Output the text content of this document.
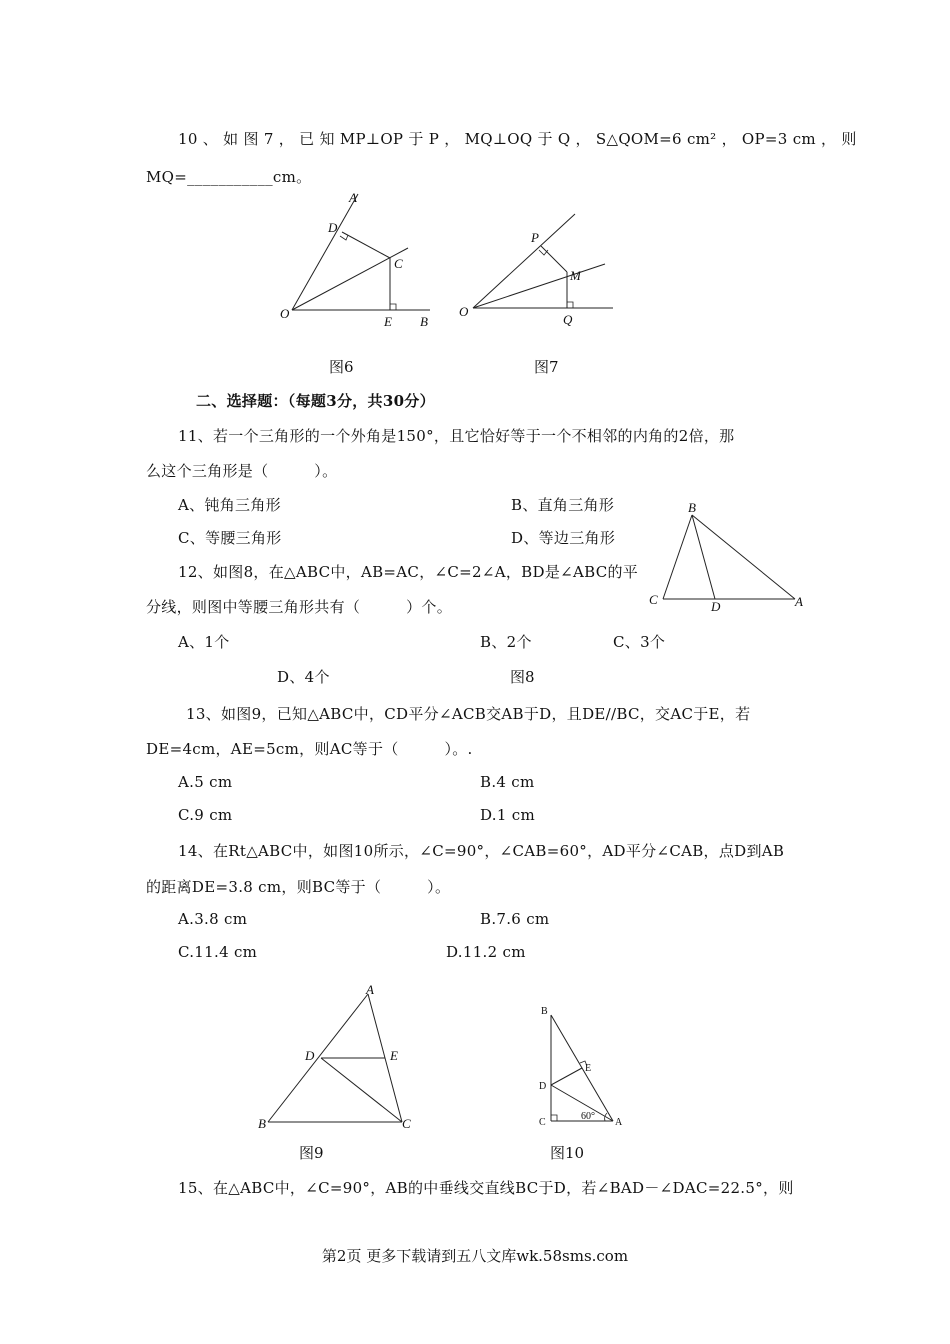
10 、 如 图 7 ， 已 知 MP⊥OP 于 P ， MQ⊥OQ 于 Q ， S△QOM=6 cm² ， OP=3 cm ， 则
MQ=___________cm。
A
D
C
O
E B
P
M
O
Q
图6	图7
二、选择题：（每题3分，共30分）
11、若一个三角形的一个外角是150°，且它恰好等于一个不相邻的内角的2倍，那
么这个三角形是（　　　）。
A、钝角三角形	B、直角三角形
C、等腰三角形	D、等边三角形
B
C	D	A
12、如图8，在△ABC中，AB=AC，∠C=2∠A，BD是∠ABC的平
分线，则图中等腰三角形共有（　　　）个。
A、1个	B、2个	C、3个
D、4个	图8
13、如图9，已知△ABC中，CD平分∠ACB交AB于D，且DE//BC，交AC于E，若
DE=4cm，AE=5cm，则AC等于（　　　）。.
A.5 cm	B.4 cm
C.9 cm	D.1 cm
14、在Rt△ABC中，如图10所示，∠C=90°，∠CAB=60°，AD平分∠CAB，点D到AB
的距离DE=3.8 cm，则BC等于（　　　）。
A.3.8 cm	B.7.6 cm
C.11.4 cm	D.11.2 cm
A
D	E
B	C
B
E
D
C	A
60°
图9	图10
15、在△ABC中，∠C=90°，AB的中垂线交直线BC于D，若∠BAD－∠DAC=22.5°，则
第2页 更多下载请到五八文库wk.58sms.com
